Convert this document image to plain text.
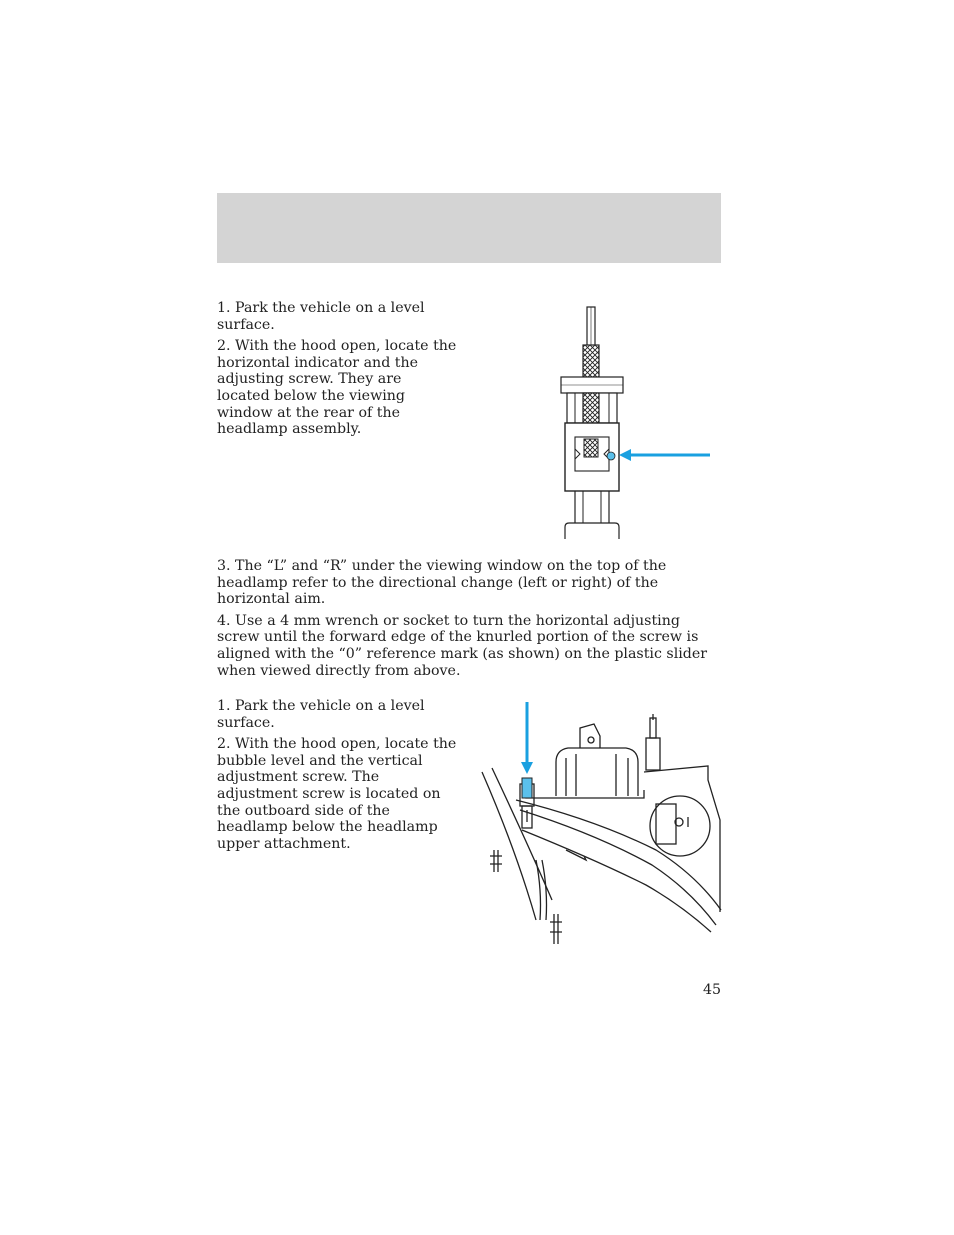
1. Park the vehicle on a level surface.

2. With the hood open, locate the horizontal indicator and the adjusting screw. They are located below the viewing window at the rear of the headlamp assembly.

3. The “L” and “R” under the viewing window on the top of the headlamp refer to the directional change (left or right) of the horizontal aim.

4. Use a 4 mm wrench or socket to turn the horizontal adjusting screw until the forward edge of the knurled portion of the screw is aligned with the “0” reference mark (as shown) on the plastic slider when viewed directly from above.

1. Park the vehicle on a level surface.

2. With the hood open, locate the bubble level and the vertical adjustment screw. The adjustment screw is located on the outboard side of the headlamp below the headlamp upper attachment.

45
